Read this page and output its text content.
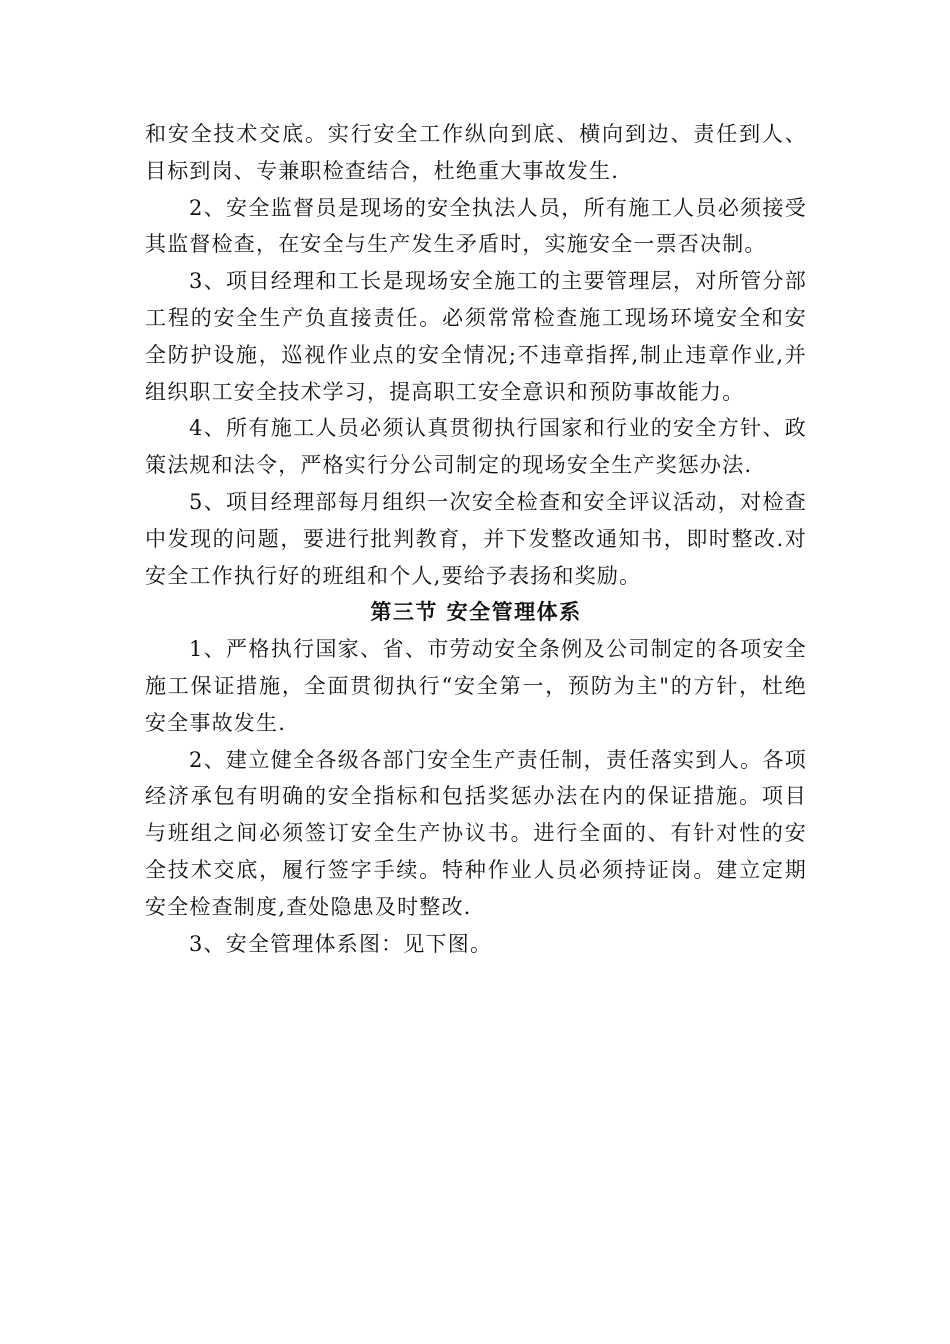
和安全技术交底。实行安全工作纵向到底、横向到边、责任到人、目标到岗、专兼职检查结合，杜绝重大事故发生.

2、安全监督员是现场的安全执法人员，所有施工人员必须接受其监督检查，在安全与生产发生矛盾时，实施安全一票否决制。

3、项目经理和工长是现场安全施工的主要管理层，对所管分部工程的安全生产负直接责任。必须常常检查施工现场环境安全和安全防护设施，巡视作业点的安全情况;不违章指挥,制止违章作业,并组织职工安全技术学习，提高职工安全意识和预防事故能力。

4、所有施工人员必须认真贯彻执行国家和行业的安全方针、政策法规和法令，严格实行分公司制定的现场安全生产奖惩办法.

5、项目经理部每月组织一次安全检查和安全评议活动，对检查中发现的问题，要进行批判教育，并下发整改通知书，即时整改.对安全工作执行好的班组和个人,要给予表扬和奖励。

第三节 安全管理体系

1、严格执行国家、省、市劳动安全条例及公司制定的各项安全施工保证措施，全面贯彻执行“安全第一，预防为主"的方针，杜绝安全事故发生.

2、建立健全各级各部门安全生产责任制，责任落实到人。各项经济承包有明确的安全指标和包括奖惩办法在内的保证措施。项目与班组之间必须签订安全生产协议书。进行全面的、有针对性的安全技术交底，履行签字手续。特种作业人员必须持证岗。建立定期安全检查制度,查处隐患及时整改.

3、安全管理体系图：见下图。
